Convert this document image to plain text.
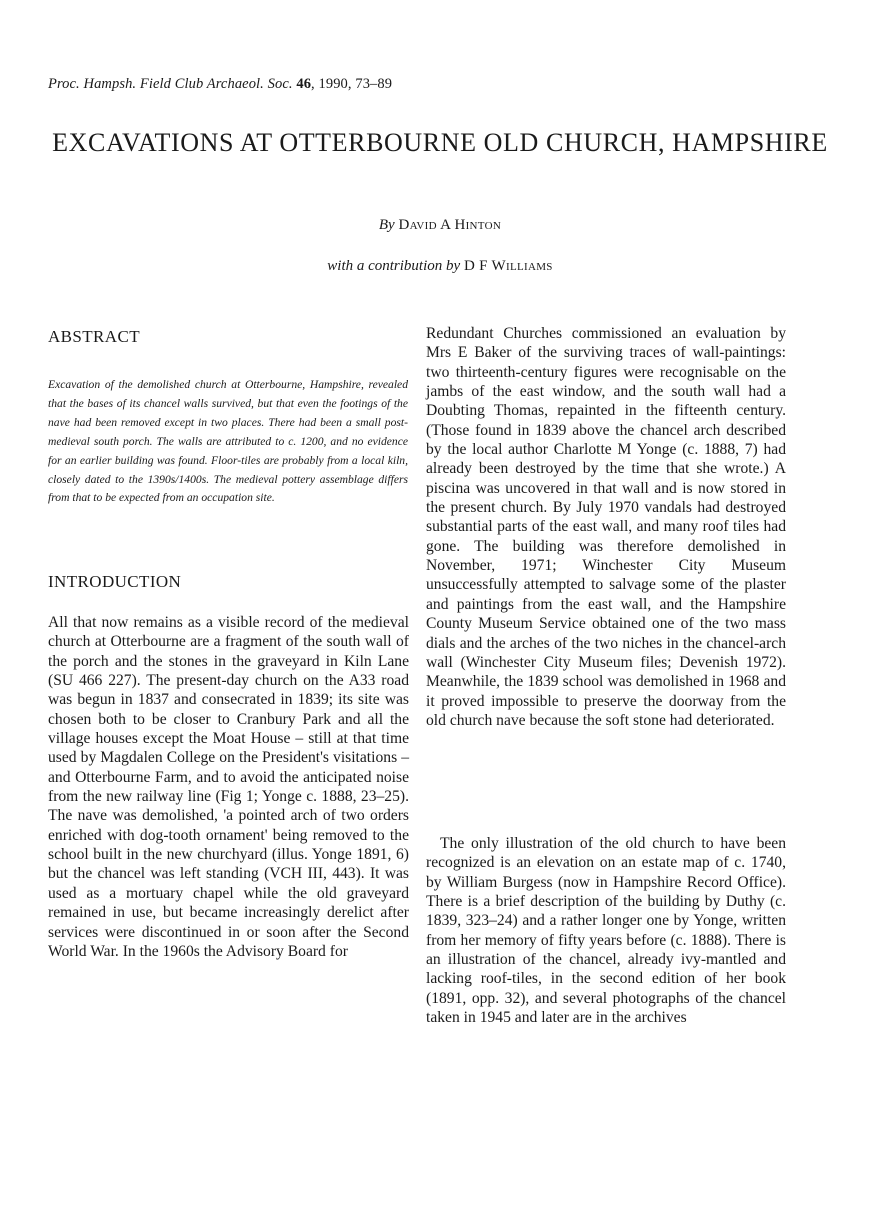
Proc. Hampsh. Field Club Archaeol. Soc. 46, 1990, 73–89
EXCAVATIONS AT OTTERBOURNE OLD CHURCH, HAMPSHIRE
By David A Hinton
with a contribution by D F Williams
ABSTRACT

Excavation of the demolished church at Otterbourne, Hampshire, revealed that the bases of its chancel walls survived, but that even the footings of the nave had been removed except in two places. There had been a small post-medieval south porch. The walls are attributed to c. 1200, and no evidence for an earlier building was found. Floor-tiles are probably from a local kiln, closely dated to the 1390s/1400s. The medieval pottery assemblage differs from that to be expected from an occupation site.

INTRODUCTION

All that now remains as a visible record of the medieval church at Otterbourne are a fragment of the south wall of the porch and the stones in the graveyard in Kiln Lane (SU 466 227). The present-day church on the A33 road was begun in 1837 and consecrated in 1839; its site was chosen both to be closer to Cranbury Park and all the village houses except the Moat House – still at that time used by Magdalen College on the President's visitations – and Otterbourne Farm, and to avoid the anticipated noise from the new railway line (Fig 1; Yonge c. 1888, 23–25). The nave was demolished, 'a pointed arch of two orders enriched with dog-tooth ornament' being removed to the school built in the new churchyard (illus. Yonge 1891, 6) but the chancel was left standing (VCH III, 443). It was used as a mortuary chapel while the old graveyard remained in use, but became increasingly derelict after services were discontinued in or soon after the Second World War. In the 1960s the Advisory Board for

Redundant Churches commissioned an evaluation by Mrs E Baker of the surviving traces of wall-paintings: two thirteenth-century figures were recognisable on the jambs of the east window, and the south wall had a Doubting Thomas, repainted in the fifteenth century. (Those found in 1839 above the chancel arch described by the local author Charlotte M Yonge (c. 1888, 7) had already been destroyed by the time that she wrote.) A piscina was uncovered in that wall and is now stored in the present church. By July 1970 vandals had destroyed substantial parts of the east wall, and many roof tiles had gone. The building was therefore demolished in November, 1971; Winchester City Museum unsuccessfully attempted to salvage some of the plaster and paintings from the east wall, and the Hampshire County Museum Service obtained one of the two mass dials and the arches of the two niches in the chancel-arch wall (Winchester City Museum files; Devenish 1972). Meanwhile, the 1839 school was demolished in 1968 and it proved impossible to preserve the doorway from the old church nave because the soft stone had deteriorated.

The only illustration of the old church to have been recognized is an elevation on an estate map of c. 1740, by William Burgess (now in Hampshire Record Office). There is a brief description of the building by Duthy (c. 1839, 323–24) and a rather longer one by Yonge, written from her memory of fifty years before (c. 1888). There is an illustration of the chancel, already ivy-mantled and lacking roof-tiles, in the second edition of her book (1891, opp. 32), and several photographs of the chancel taken in 1945 and later are in the archives
